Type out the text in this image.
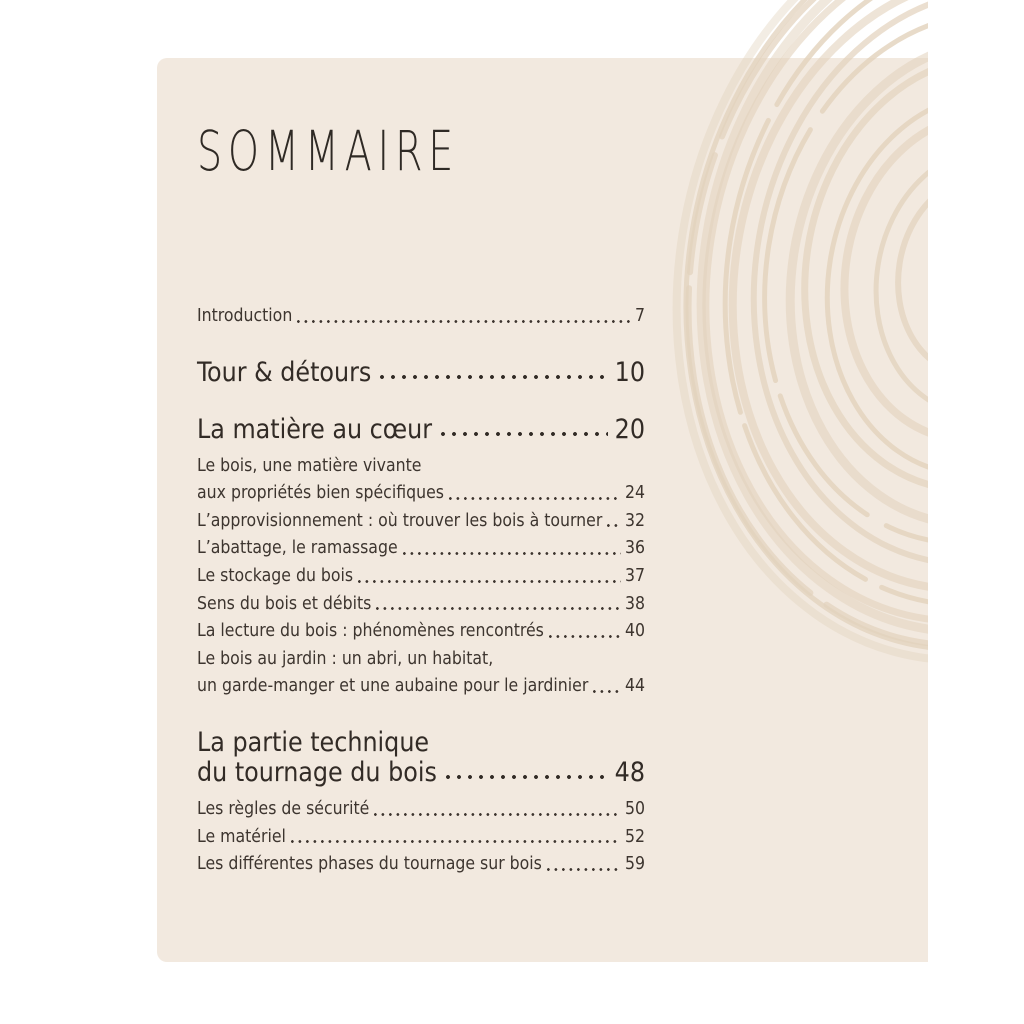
SOMMAIRE
Introduction	7
Tour & détours	10
La matière au cœur	20
Le bois, une matière vivante
aux propriétés bien spécifiques	24
L’approvisionnement : où trouver les bois à tourner 32
L’abattage, le ramassage	36
Le stockage du bois	37
Sens du bois et débits	38
La lecture du bois : phénomènes rencontrés	40
Le bois au jardin : un abri, un habitat,
un garde-manger et une aubaine pour le jardinier 44
La partie technique
du tournage du bois	48
Les règles de sécurité	50
Le matériel	52
Les différentes phases du tournage sur bois	59
